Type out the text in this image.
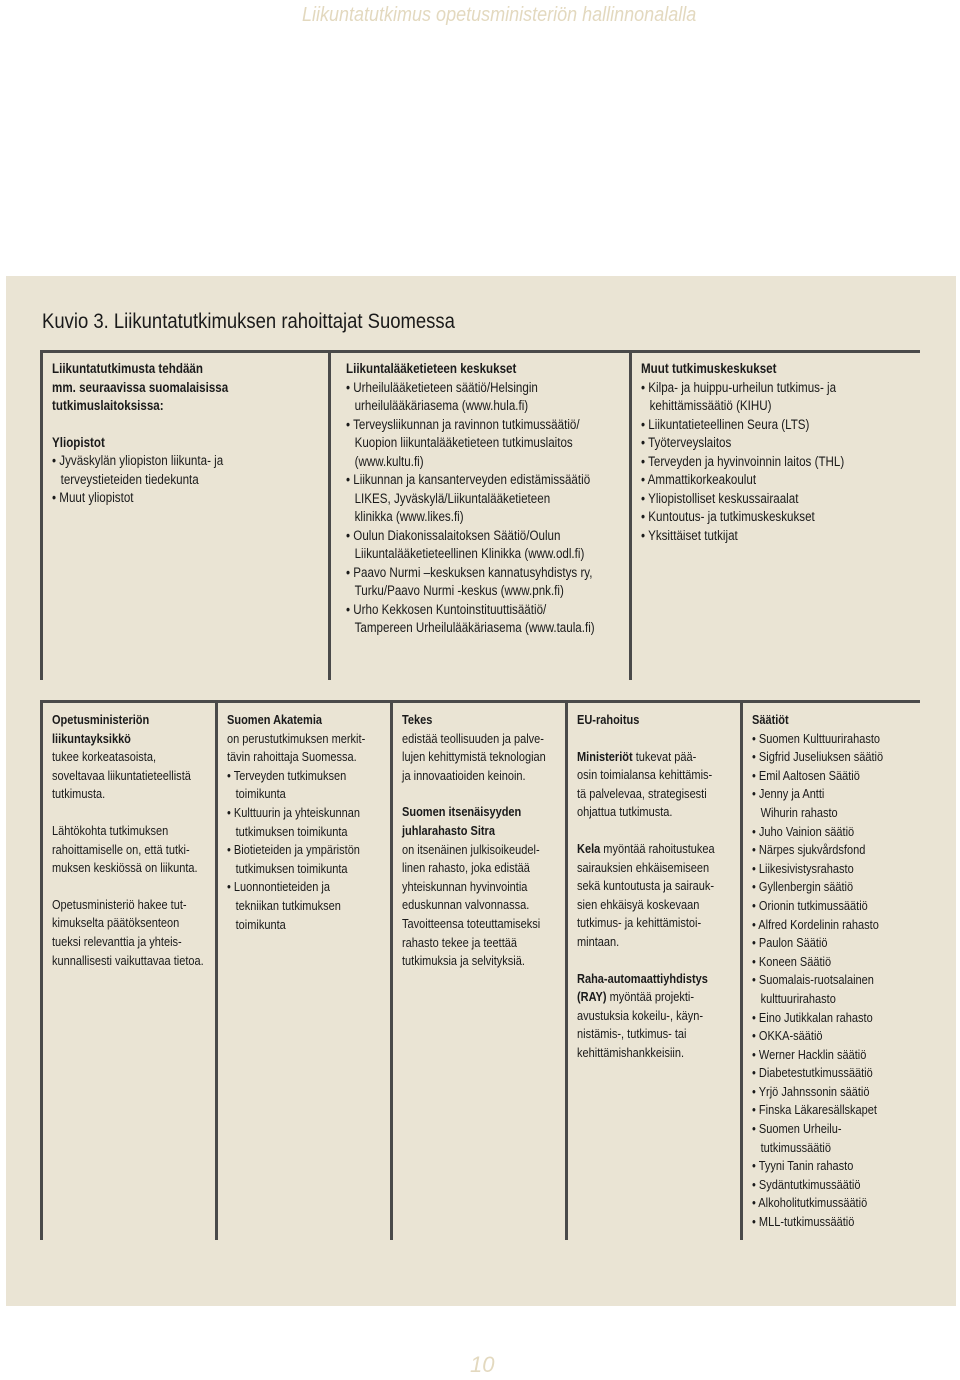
Liikuntatutkimus opetusministeriön hallinnonalalla
Kuvio 3. Liikuntatutkimuksen rahoittajat Suomessa
Liikuntatutkimusta tehdään
mm. seuraavissa suomalaisissa
tutkimuslaitoksissa:
Yliopistot
• Jyväskylän yliopiston liikunta- ja
terveystieteiden tiedekunta
• Muut yliopistot
Liikuntalääketieteen keskukset
• Urheilulääketieteen säätiö/Helsingin
urheilulääkäriasema (www.hula.fi)
• Terveysliikunnan ja ravinnon tutkimussäätiö/
Kuopion liikuntalääketieteen tutkimuslaitos
(www.kultu.fi)
• Liikunnan ja kansanterveyden edistämissäätiö
LIKES, Jyväskylä/Liikuntalääketieteen
klinikka (www.likes.fi)
• Oulun Diakonissalaitoksen Säätiö/Oulun
Liikuntalääketieteellinen Klinikka (www.odl.fi)
• Paavo Nurmi –keskuksen kannatusyhdistys ry,
Turku/Paavo Nurmi -keskus (www.pnk.fi)
• Urho Kekkosen Kuntoinstituuttisäätiö/
Tampereen Urheilulääkäriasema (www.taula.fi)
Muut tutkimuskeskukset
• Kilpa- ja huippu-urheilun tutkimus- ja
kehittämissäätiö (KIHU)
• Liikuntatieteellinen Seura (LTS)
• Työterveyslaitos
• Terveyden ja hyvinvoinnin laitos (THL)
• Ammattikorkeakoulut
• Yliopistolliset keskussairaalat
• Kuntoutus- ja tutkimuskeskukset
• Yksittäiset tutkijat
Opetusministeriön
liikuntayksikkö
tukee korkeatasoista,
soveltavaa liikuntatieteellistä
tutkimusta.
Lähtökohta tutkimuksen
rahoittamiselle on, että tutki-
muksen keskiössä on liikunta.
Opetusministeriö hakee tut-
kimukselta päätöksenteon
tueksi relevanttia ja yhteis-
kunnallisesti vaikuttavaa tietoa.
Suomen Akatemia
on perustutkimuksen merkit-
tävin rahoittaja Suomessa.
• Terveyden tutkimuksen
toimikunta
• Kulttuurin ja yhteiskunnan
tutkimuksen toimikunta
• Biotieteiden ja ympäristön
tutkimuksen toimikunta
• Luonnontieteiden ja
tekniikan tutkimuksen
toimikunta
Tekes
edistää teollisuuden ja palve-
lujen kehittymistä teknologian
ja innovaatioiden keinoin.
Suomen itsenäisyyden
juhlarahasto Sitra
on itsenäinen julkisoikeudel-
linen rahasto, joka edistää
yhteiskunnan hyvinvointia
eduskunnan valvonnassa.
Tavoitteensa toteuttamiseksi
rahasto tekee ja teettää
tutkimuksia ja selvityksiä.
EU-rahoitus
Ministeriöt tukevat pää-
osin toimialansa kehittämis-
tä palvelevaa, strategisesti
ohjattua tutkimusta.
Kela myöntää rahoitustukea
sairauksien ehkäisemiseen
sekä kuntoutusta ja sairauk-
sien ehkäisyä koskevaan
tutkimus- ja kehittämistoi-
mintaan.
Raha-automaattiyhdistys
(RAY) myöntää projekti-
avustuksia kokeilu-, käyn-
nistämis-, tutkimus- tai
kehittämishankkeisiin.
Säätiöt
• Suomen Kulttuurirahasto
• Sigfrid Juseliuksen säätiö
• Emil Aaltosen Säätiö
• Jenny ja Antti
Wihurin rahasto
• Juho Vainion säätiö
• Närpes sjukvårdsfond
• Liikesivistysrahasto
• Gyllenbergin säätiö
• Orionin tutkimussäätiö
• Alfred Kordelinin rahasto
• Paulon Säätiö
• Koneen Säätiö
• Suomalais-ruotsalainen
kulttuurirahasto
• Eino Jutikkalan rahasto
• OKKA-säätiö
• Werner Hacklin säätiö
• Diabetestutkimussäätiö
• Yrjö Jahnssonin säätiö
• Finska Läkaresällskapet
• Suomen Urheilu-
tutkimussäätiö
• Tyyni Tanin rahasto
• Sydäntutkimussäätiö
• Alkoholitutkimussäätiö
• MLL-tutkimussäätiö
10
